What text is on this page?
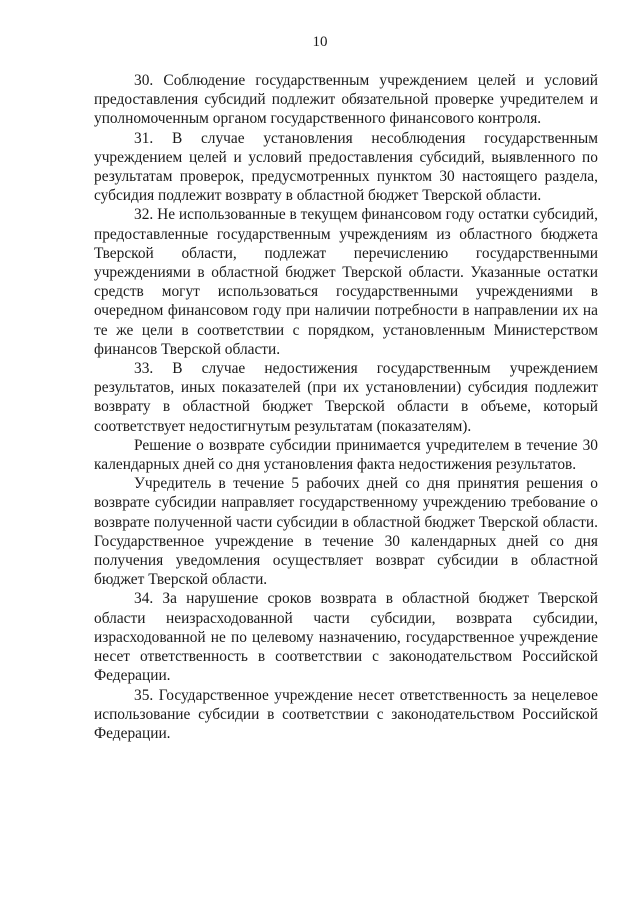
10

30. Соблюдение государственным учреждением целей и условий предоставления субсидий подлежит обязательной проверке учредителем и уполномоченным органом государственного финансового контроля.

31. В случае установления несоблюдения государственным учреждением целей и условий предоставления субсидий, выявленного по результатам проверок, предусмотренных пунктом 30 настоящего раздела, субсидия подлежит возврату в областной бюджет Тверской области.

32. Не использованные в текущем финансовом году остатки субсидий, предоставленные государственным учреждениям из областного бюджета Тверской области, подлежат перечислению государственными учреждениями в областной бюджет Тверской области. Указанные остатки средств могут использоваться государственными учреждениями в очередном финансовом году при наличии потребности в направлении их на те же цели в соответствии с порядком, установленным Министерством финансов Тверской области.

33. В случае недостижения государственным учреждением результатов, иных показателей (при их установлении) субсидия подлежит возврату в областной бюджет Тверской области в объеме, который соответствует недостигнутым результатам (показателям).

Решение о возврате субсидии принимается учредителем в течение 30 календарных дней со дня установления факта недостижения результатов.

Учредитель в течение 5 рабочих дней со дня принятия решения о возврате субсидии направляет государственному учреждению требование о возврате полученной части субсидии в областной бюджет Тверской области. Государственное учреждение в течение 30 календарных дней со дня получения уведомления осуществляет возврат субсидии в областной бюджет Тверской области.

34. За нарушение сроков возврата в областной бюджет Тверской области неизрасходованной части субсидии, возврата субсидии, израсходованной не по целевому назначению, государственное учреждение несет ответственность в соответствии с законодательством Российской Федерации.

35. Государственное учреждение несет ответственность за нецелевое использование субсидии в соответствии с законодательством Российской Федерации.
